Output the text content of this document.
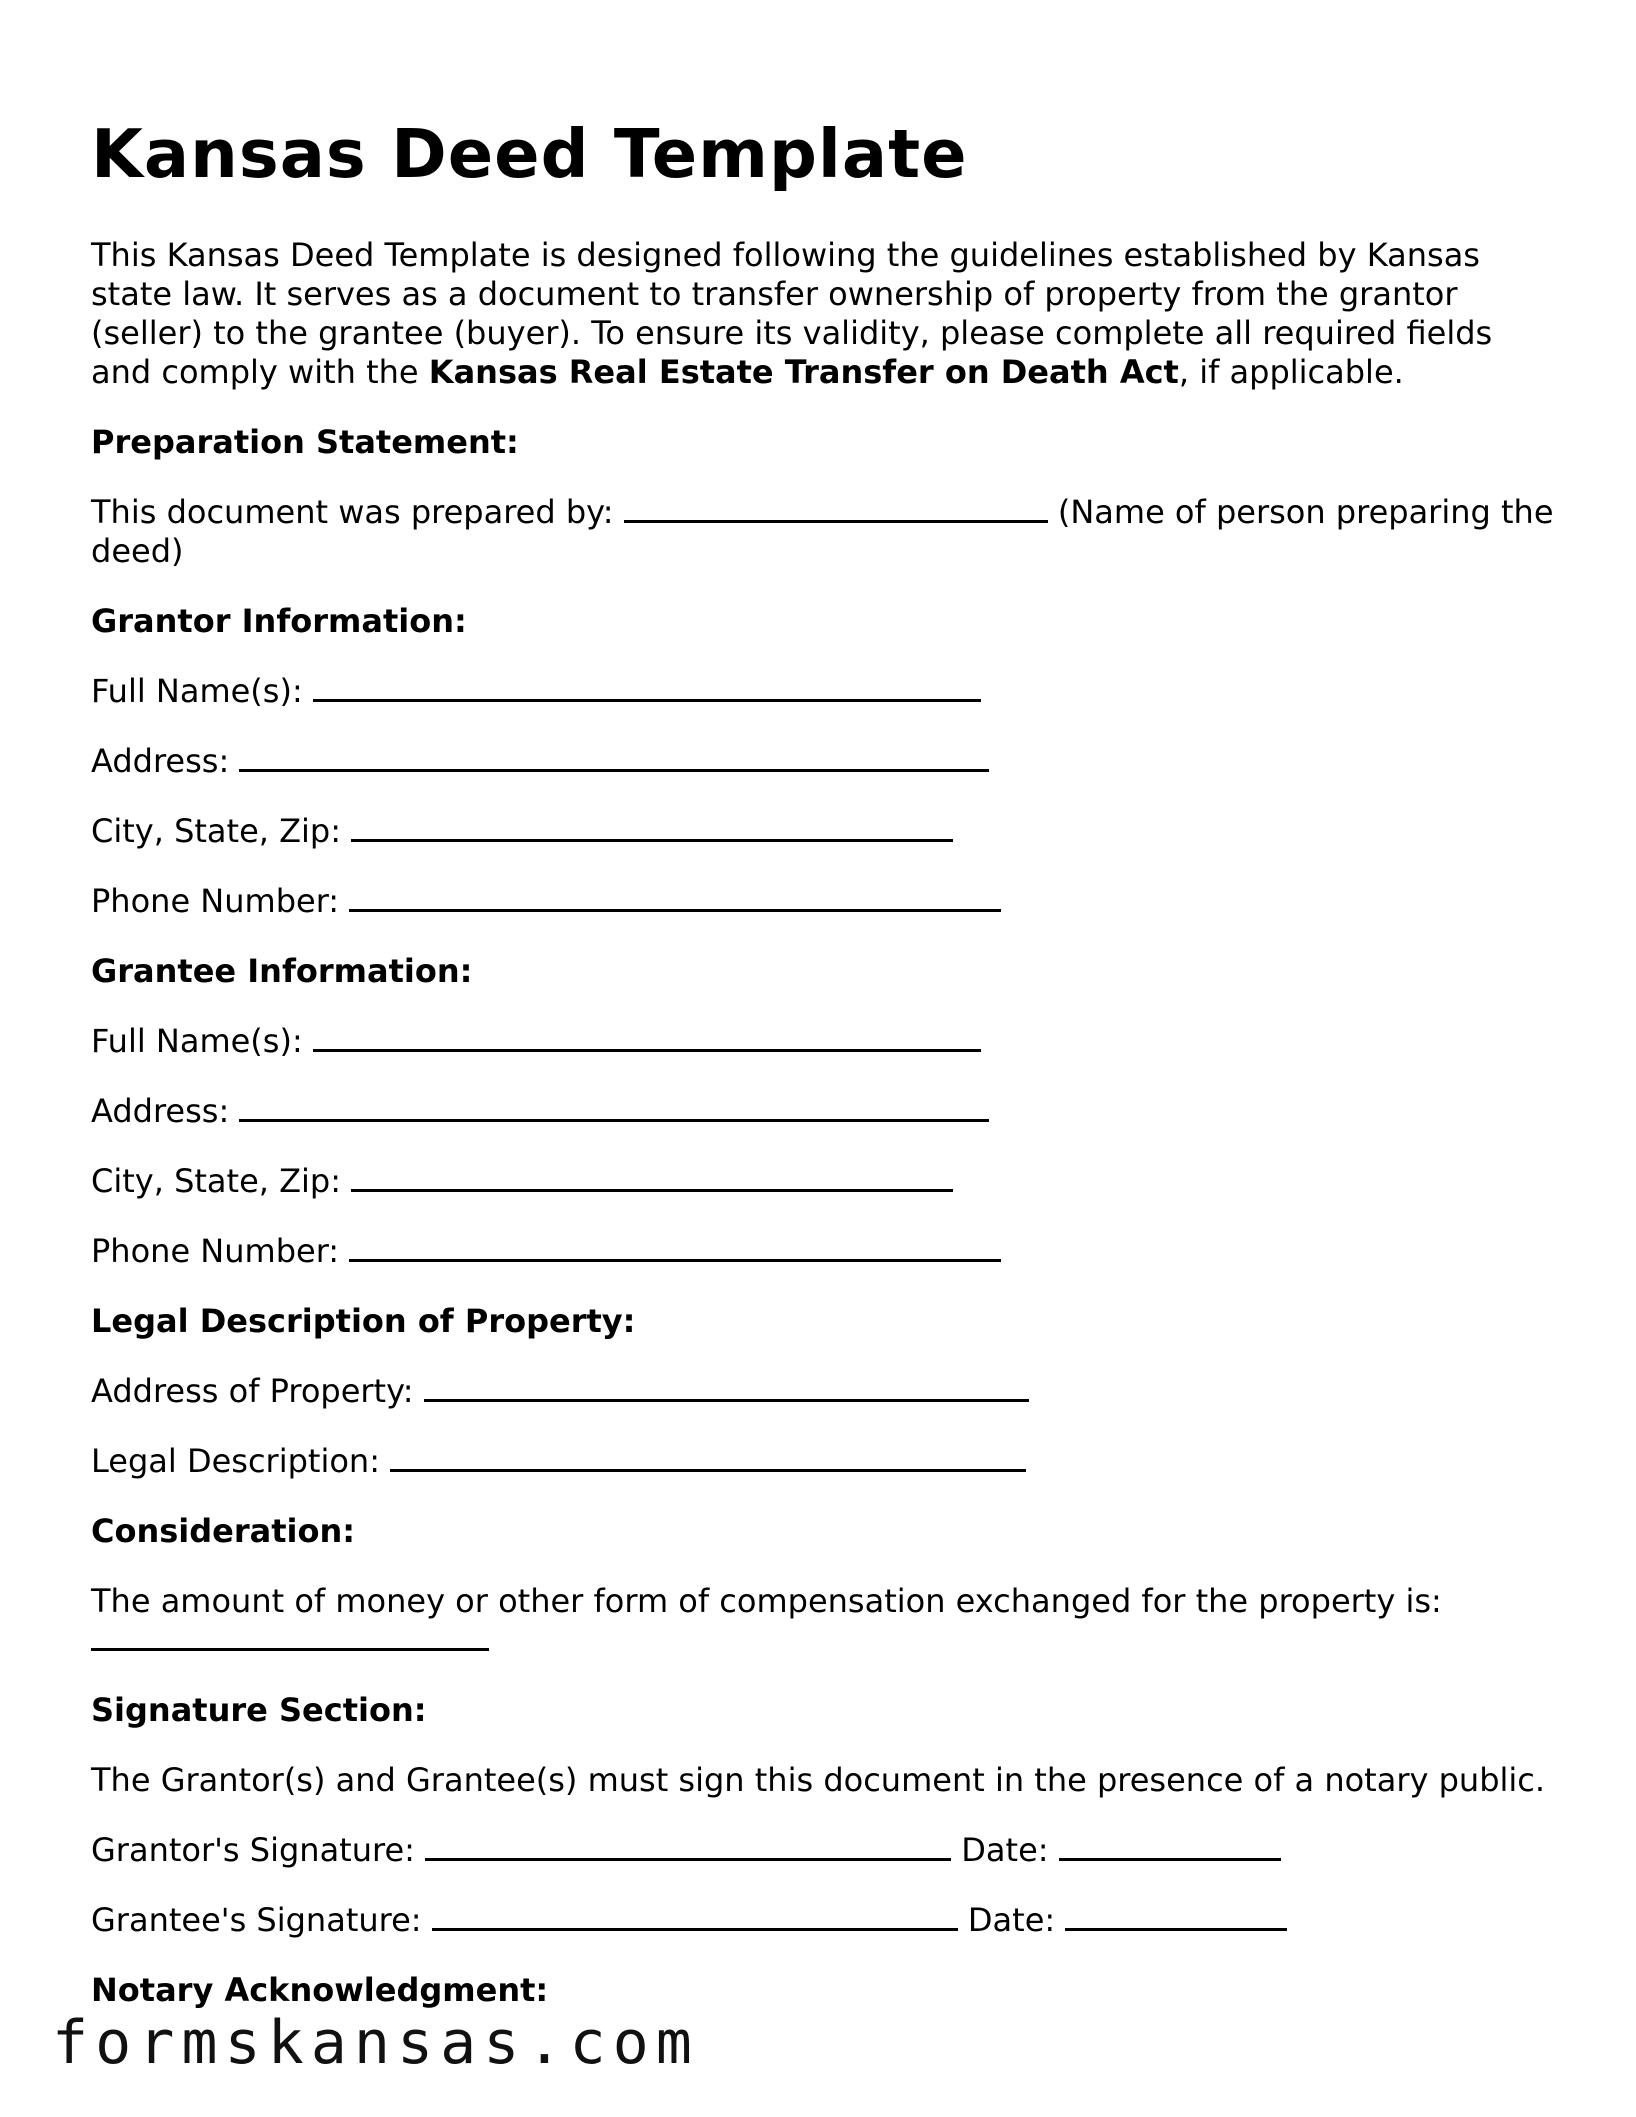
Kansas Deed Template

This Kansas Deed Template is designed following the guidelines established by Kansas state law. It serves as a document to transfer ownership of property from the grantor (seller) to the grantee (buyer). To ensure its validity, please complete all required fields and comply with the Kansas Real Estate Transfer on Death Act, if applicable.

Preparation Statement:

This document was prepared by:	(Name of person preparing the deed)

Grantor Information:

Full Name(s):

Address:

City, State, Zip:

Phone Number:

Grantee Information:

Full Name(s):

Address:

City, State, Zip:

Phone Number:

Legal Description of Property:

Address of Property:

Legal Description:

Consideration:

The amount of money or other form of compensation exchanged for the property is:

Signature Section:

The Grantor(s) and Grantee(s) must sign this document in the presence of a notary public.

Grantor's Signature:	Date:

Grantee's Signature:	Date:

Notary Acknowledgment:

formskansas.com
